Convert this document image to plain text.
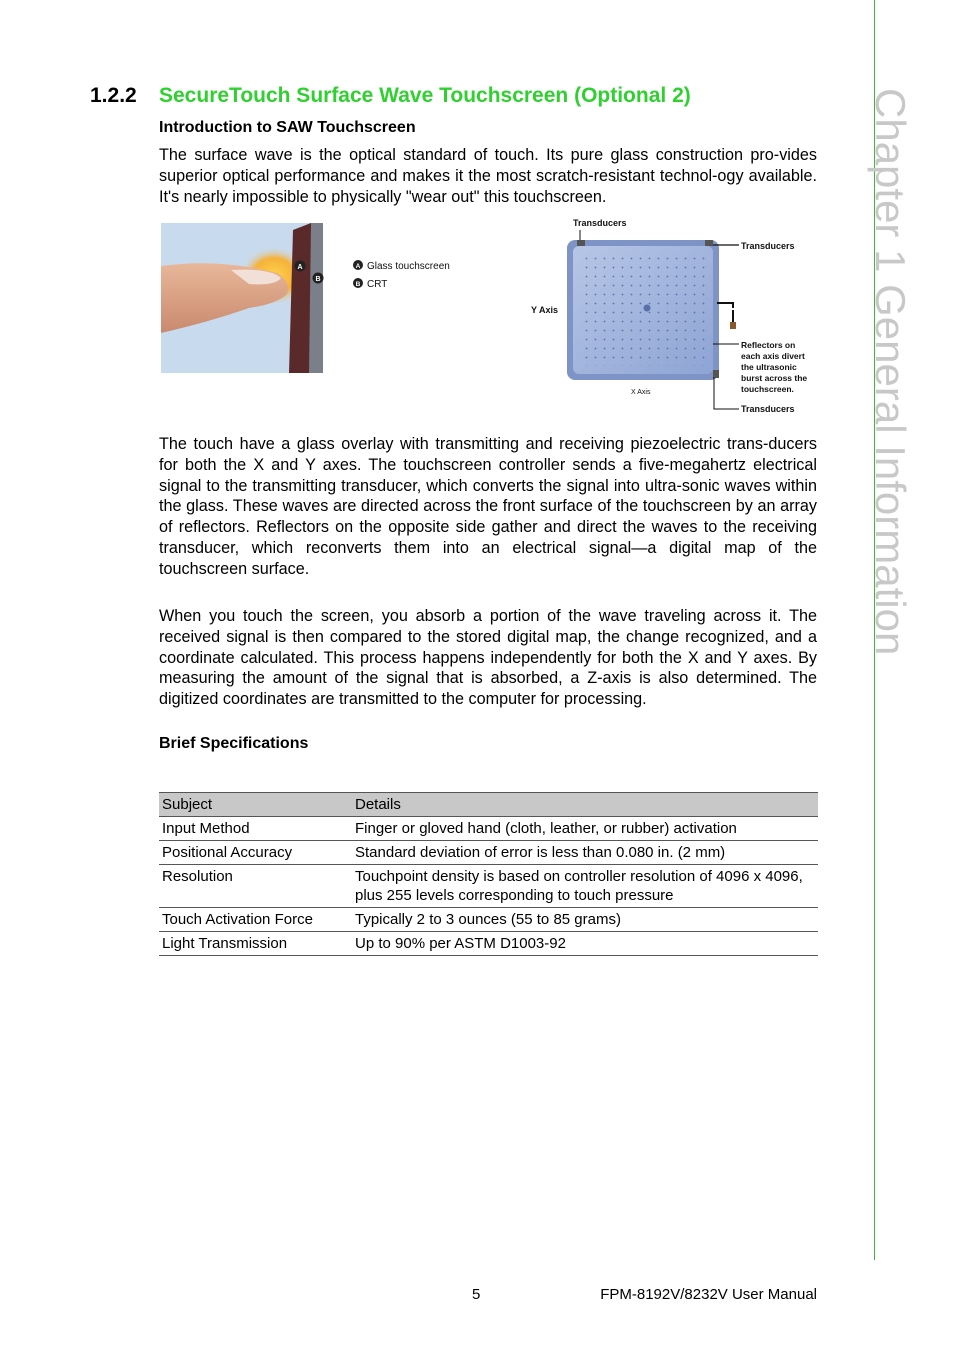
Chapter 1 General Information
1.2.2 SecureTouch Surface Wave Touchscreen (Optional 2)
Introduction to SAW Touchscreen
The surface wave is the optical standard of touch. Its pure glass construction pro-vides superior optical performance and makes it the most scratch-resistant technol-ogy available. It's nearly impossible to physically "wear out" this touchscreen.
A
B
A Glass touchscreen
B CRT
Transducers
Transducers
Y Axis
X Axis
Reflectors on
each axis divert
the ultrasonic
burst across the
touchscreen.
Transducers
The touch have a glass overlay with transmitting and receiving piezoelectric trans-ducers for both the X and Y axes. The touchscreen controller sends a five-megahertz electrical signal to the transmitting transducer, which converts the signal into ultra-sonic waves within the glass. These waves are directed across the front surface of the touchscreen by an array of reflectors. Reflectors on the opposite side gather and direct the waves to the receiving transducer, which reconverts them into an electrical signal—a digital map of the touchscreen surface.
When you touch the screen, you absorb a portion of the wave traveling across it. The received signal is then compared to the stored digital map, the change recognized, and a coordinate calculated. This process happens independently for both the X and Y axes. By measuring the amount of the signal that is absorbed, a Z-axis is also determined. The digitized coordinates are transmitted to the computer for processing.
Brief Specifications
Subject	Details
Input Method	Finger or gloved hand (cloth, leather, or rubber) activation
Positional Accuracy	Standard deviation of error is less than 0.080 in. (2 mm)
Resolution	Touchpoint density is based on controller resolution of 4096 x 4096, plus 255 levels corresponding to touch pressure
Touch Activation Force	Typically 2 to 3 ounces (55 to 85 grams)
Light Transmission	Up to 90% per ASTM D1003-92
5	FPM-8192V/8232V User Manual
